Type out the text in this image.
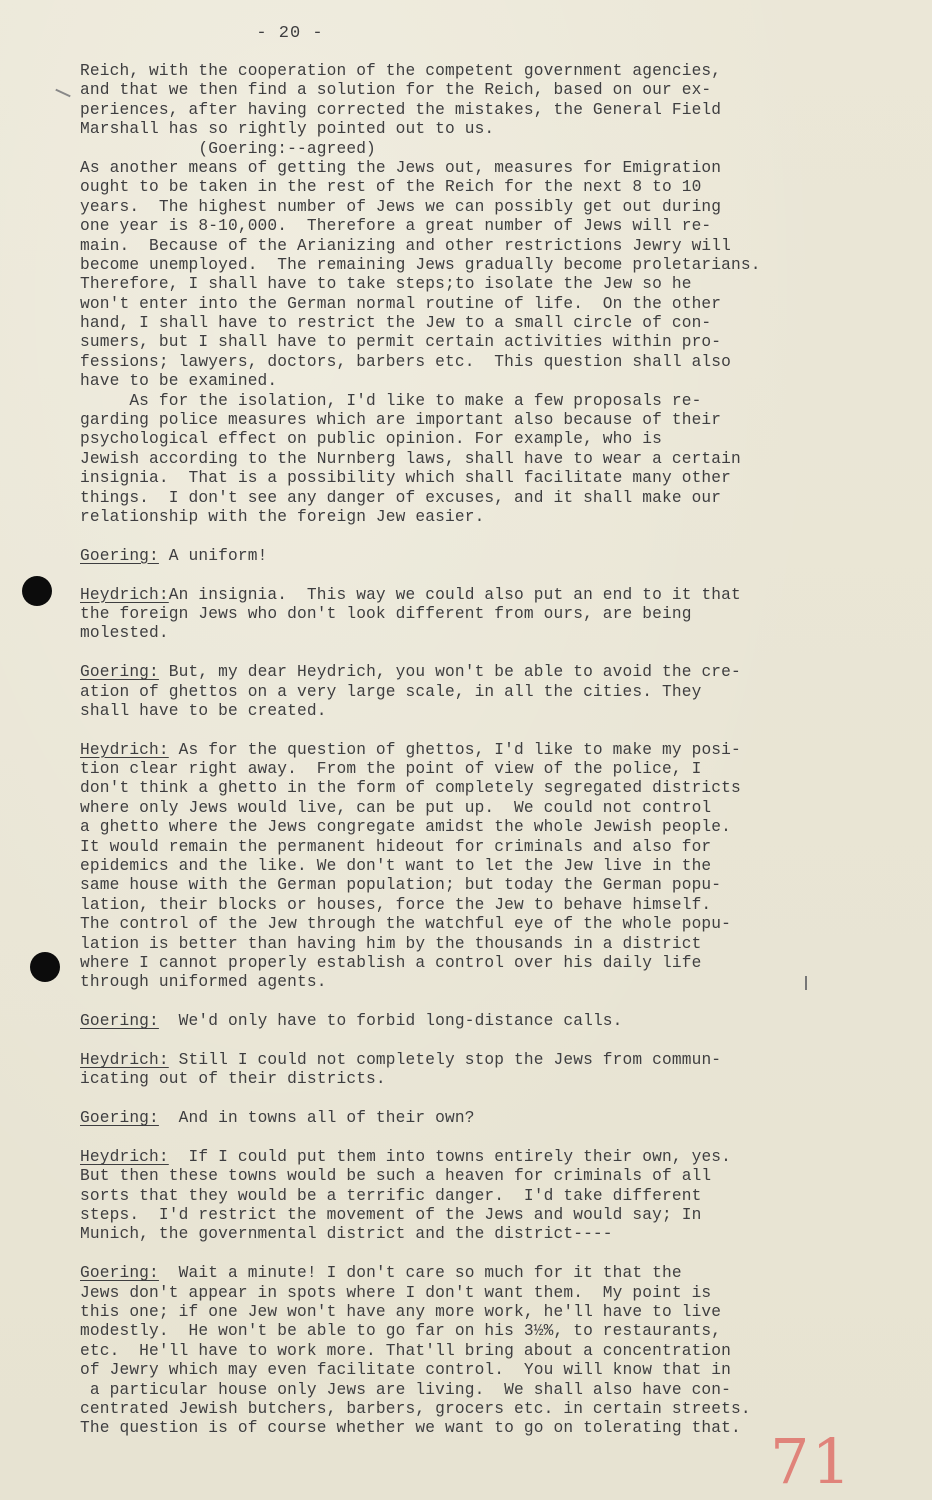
- 20 -
Reich, with the cooperation of the competent government agencies,
and that we then find a solution for the Reich, based on our ex-
periences, after having corrected the mistakes, the General Field
Marshall has so rightly pointed out to us.
(Goering:--agreed)
As another means of getting the Jews out, measures for Emigration
ought to be taken in the rest of the Reich for the next 8 to 10
years.  The highest number of Jews we can possibly get out during
one year is 8-10,000.  Therefore a great number of Jews will re-
main.  Because of the Arianizing and other restrictions Jewry will
become unemployed.  The remaining Jews gradually become proletarians.
Therefore, I shall have to take steps;to isolate the Jew so he
won't enter into the German normal routine of life.  On the other
hand, I shall have to restrict the Jew to a small circle of con-
sumers, but I shall have to permit certain activities within pro-
fessions; lawyers, doctors, barbers etc.  This question shall also
have to be examined.
As for the isolation, I'd like to make a few proposals re-
garding police measures which are important also because of their
psychological effect on public opinion. For example, who is
Jewish according to the Nurnberg laws, shall have to wear a certain
insignia.  That is a possibility which shall facilitate many other
things.  I don't see any danger of excuses, and it shall make our
relationship with the foreign Jew easier.
Goering: A uniform!
Heydrich:An insignia.  This way we could also put an end to it that
the foreign Jews who don't look different from ours, are being
molested.
Goering: But, my dear Heydrich, you won't be able to avoid the cre-
ation of ghettos on a very large scale, in all the cities. They
shall have to be created.
Heydrich: As for the question of ghettos, I'd like to make my posi-
tion clear right away.  From the point of view of the police, I
don't think a ghetto in the form of completely segregated districts
where only Jews would live, can be put up.  We could not control
a ghetto where the Jews congregate amidst the whole Jewish people.
It would remain the permanent hideout for criminals and also for
epidemics and the like. We don't want to let the Jew live in the
same house with the German population; but today the German popu-
lation, their blocks or houses, force the Jew to behave himself.
The control of the Jew through the watchful eye of the whole popu-
lation is better than having him by the thousands in a district
where I cannot properly establish a control over his daily life
through uniformed agents.
Goering:  We'd only have to forbid long-distance calls.
Heydrich: Still I could not completely stop the Jews from commun-
icating out of their districts.
Goering:  And in towns all of their own?
Heydrich:  If I could put them into towns entirely their own, yes.
But then these towns would be such a heaven for criminals of all
sorts that they would be a terrific danger.  I'd take different
steps.  I'd restrict the movement of the Jews and would say; In
Munich, the governmental district and the district----
Goering:  Wait a minute! I don't care so much for it that the
Jews don't appear in spots where I don't want them.  My point is
this one; if one Jew won't have any more work, he'll have to live
modestly.  He won't be able to go far on his 3½%, to restaurants,
etc.  He'll have to work more. That'll bring about a concentration
of Jewry which may even facilitate control.  You will know that in
a particular house only Jews are living.  We shall also have con-
centrated Jewish butchers, barbers, grocers etc. in certain streets.
The question is of course whether we want to go on tolerating that. 71
